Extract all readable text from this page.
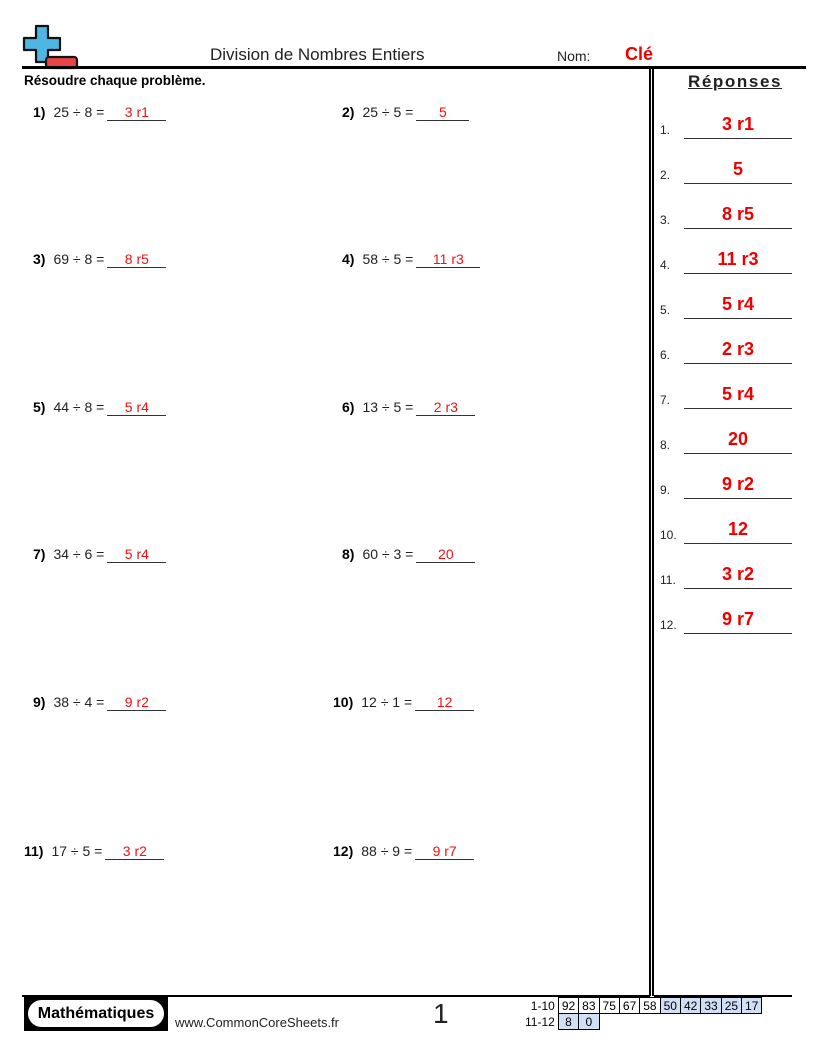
Division de Nombres Entiers	Nom: Clé
Résoudre chaque problème.	Réponses
1) 25 ÷ 8 = 3 r1	2) 25 ÷ 5 = 5
3) 69 ÷ 8 = 8 r5	4) 58 ÷ 5 = 11 r3
5) 44 ÷ 8 = 5 r4	6) 13 ÷ 5 = 2 r3
7) 34 ÷ 6 = 5 r4	8) 60 ÷ 3 = 20
9) 38 ÷ 4 = 9 r2	10) 12 ÷ 1 = 12
11) 17 ÷ 5 = 3 r2	12) 88 ÷ 9 = 9 r7
1.	3 r1
2.	5
3.	8 r5
4.	11 r3
5.	5 r4
6.	2 r3
7.	5 r4
8.	20
9.	9 r2
10.	12
11.	3 r2
12.	9 r7
Mathématiques
www.CommonCoreSheets.fr	1	1-10	92	83	75	67	58	50	42	33	25	17
11-12	8	0								
